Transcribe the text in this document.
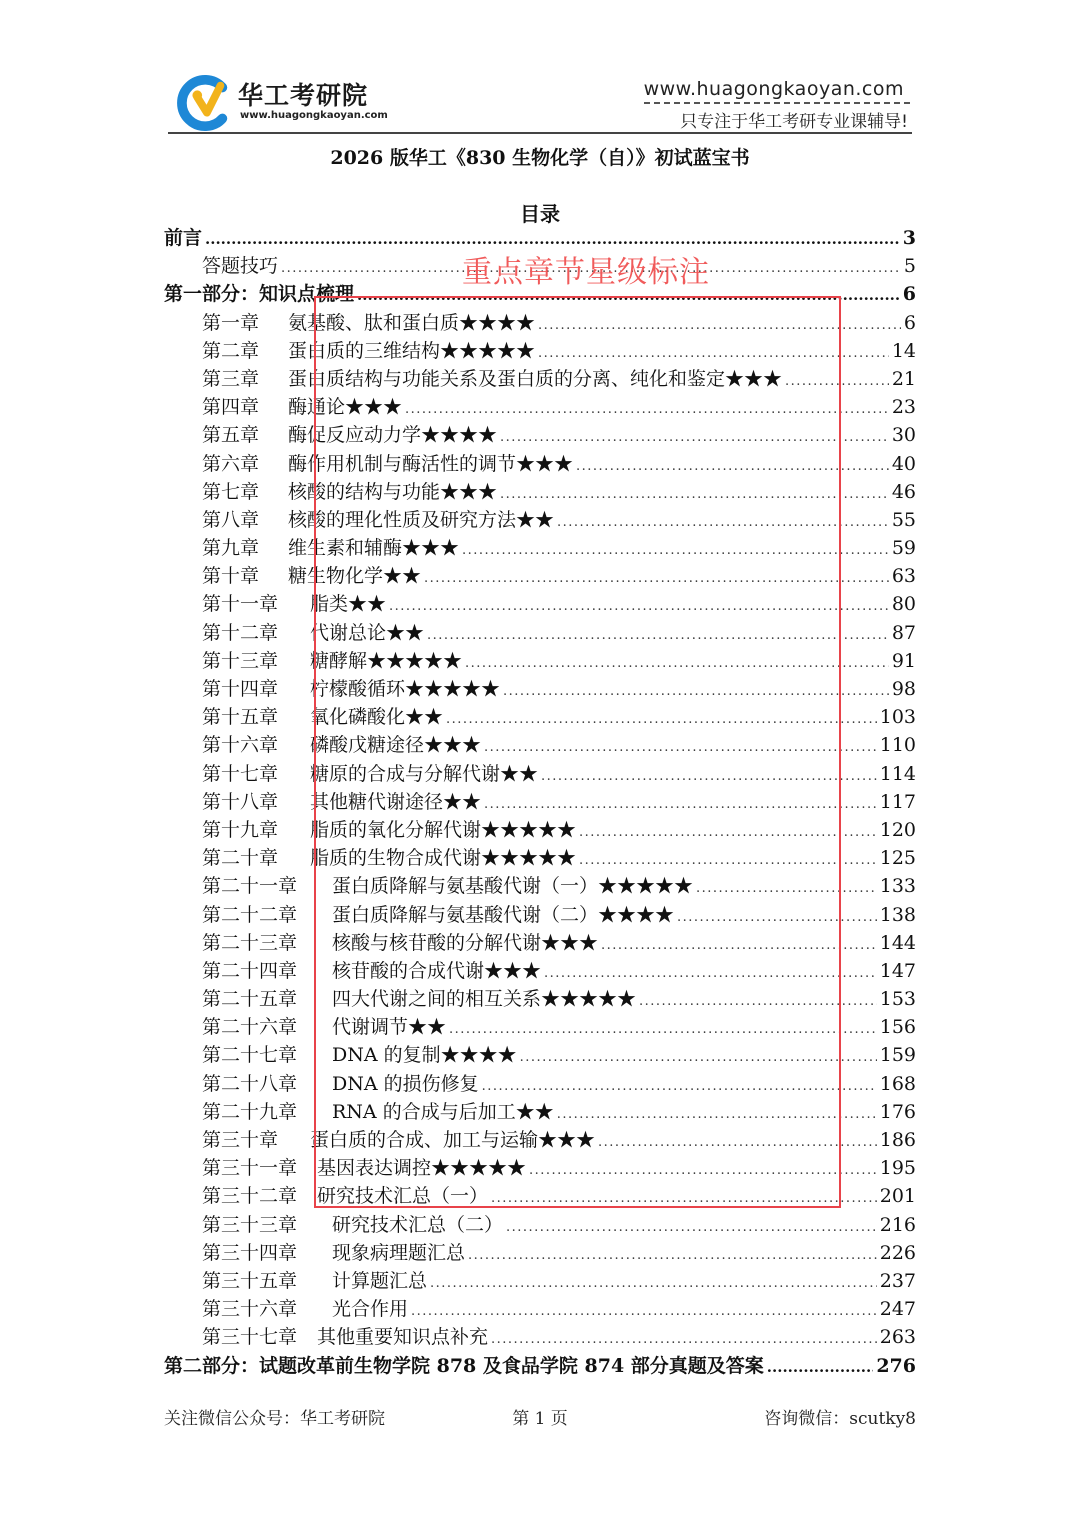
华工考研院
www.huagongkaoyan.com
www.huagongkaoyan.com
只专注于华工考研专业课辅导!
2026 版华工《830 生物化学（自）》初试蓝宝书
目录
前言 .....	3
答题技巧 .....	5
第一部分：知识点梳理 .....	6
第一章	氨基酸、肽和蛋白质★★★★ .....	6
第二章	蛋白质的三维结构★★★★★ .....	14
第三章	蛋白质结构与功能关系及蛋白质的分离、纯化和鉴定★★★ .....	21
第四章	酶通论★★★ .....	23
第五章	酶促反应动力学★★★★ .....	30
第六章	酶作用机制与酶活性的调节★★★ .....	40
第七章	核酸的结构与功能★★★ .....	46
第八章	核酸的理化性质及研究方法★★ .....	55
第九章	维生素和辅酶★★★ .....	59
第十章	糖生物化学★★ .....	63
第十一章	脂类★★ .....	80
第十二章	代谢总论★★ .....	87
第十三章	糖酵解★★★★★ .....	91
第十四章	柠檬酸循环★★★★★ .....	98
第十五章	氧化磷酸化★★ .....	103
第十六章	磷酸戊糖途径★★★ .....	110
第十七章	糖原的合成与分解代谢★★ .....	114
第十八章	其他糖代谢途径★★ .....	117
第十九章	脂质的氧化分解代谢★★★★★ .....	120
第二十章	脂质的生物合成代谢★★★★★ .....	125
第二十一章	蛋白质降解与氨基酸代谢（一）★★★★★ .....	133
第二十二章	蛋白质降解与氨基酸代谢（二）★★★★ .....	138
第二十三章	核酸与核苷酸的分解代谢★★★ .....	144
第二十四章	核苷酸的合成代谢★★★ .....	147
第二十五章	四大代谢之间的相互关系★★★★★ .....	153
第二十六章	代谢调节★★ .....	156
第二十七章	DNA 的复制★★★★ .....	159
第二十八章	DNA 的损伤修复 .....	168
第二十九章	RNA 的合成与后加工★★ .....	176
第三十章	蛋白质的合成、加工与运输★★★ .....	186
第三十一章	基因表达调控★★★★★ .....	195
第三十二章	研究技术汇总（一） .....	201
第三十三章	研究技术汇总（二） .....	216
第三十四章	现象病理题汇总 .....	226
第三十五章	计算题汇总 .....	237
第三十六章	光合作用 .....	247
第三十七章	其他重要知识点补充 .....	263
第二部分：试题改革前生物学院 878 及食品学院 874 部分真题及答案 .....	276
重点章节星级标注
关注微信公众号：华工考研院	第 1 页	咨询微信：scutky8
